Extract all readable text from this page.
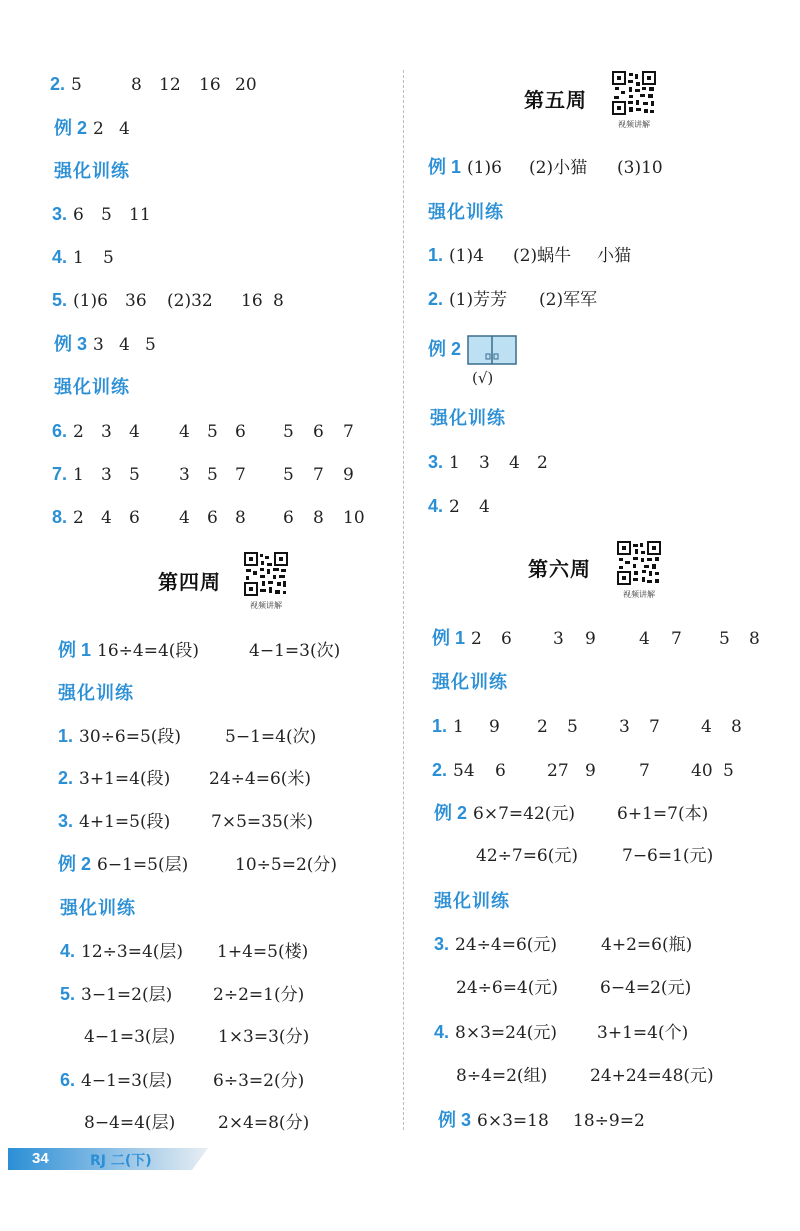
2. 5	8 12 16 20
例 2 2 4
强化训练
3. 6 5 11
4. 1 5
5. (1)6 36 (2)32 16 8
例 3 3 4 5
强化训练
6. 2 3 4 4 5 6 5 6 7
7. 1 3 5 3 5 7 5 7 9
8. 2 4 6 4 6 8 6 8 10
第四周
视频讲解
例 1 16÷4=4(段)	4−1=3(次)
强化训练
1. 30÷6=5(段)	5−1=4(次)
2. 3+1=4(段) 24÷4=6(米)
3. 4+1=5(段) 7×5=35(米)
例 2 6−1=5(层)	10÷5=2(分)
强化训练
4. 12÷3=4(层) 1+4=5(楼)
5. 3−1=2(层) 2÷2=1(分)
4−1=3(层)	1×3=3(分)
6. 4−1=3(层) 6÷3=2(分)
8−4=4(层)	2×4=8(分)
第五周
视频讲解
例 1 (1)6 (2)小猫 (3)10
强化训练
1. (1)4 (2)蜗牛 小猫
2. (1)芳芳 (2)军军
例 2
(√)
强化训练
3. 1 3 4 2
4. 2 4
第六周
视频讲解
例 1 2 6 3 9	4 7 5 8
强化训练
1. 1 9 2 5 3 7 4 8
2. 54 6 27 9	7 40 5
例 2 6×7=42(元) 6+1=7(本)
42÷7=6(元)	7−6=1(元)
强化训练
3. 24÷4=6(元)	4+2=6(瓶)
24÷6=4(元) 6−4=2(元)
4. 8×3=24(元) 3+1=4(个)
8÷4=2(组)	24+24=48(元)
例 3 6×3=18 18÷9=2
34	RJ 二(下)
